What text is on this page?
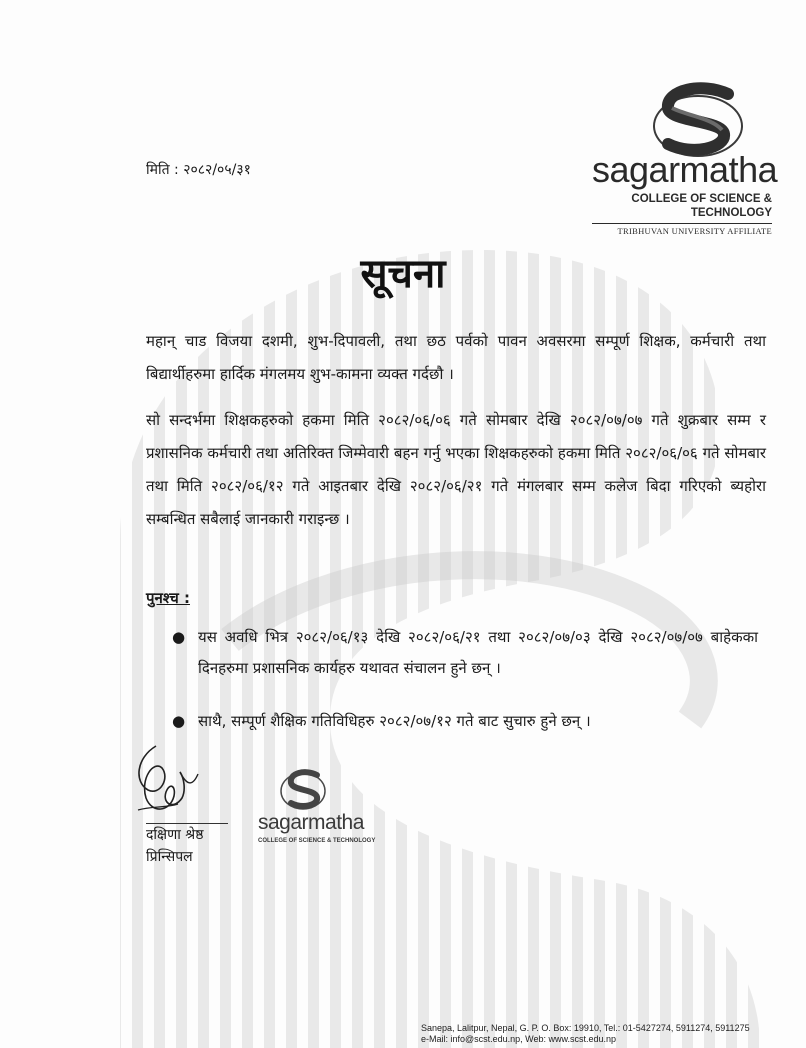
sagarmatha
COLLEGE OF SCIENCE & TECHNOLOGY
TRIBHUVAN UNIVERSITY AFFILIATE
मिति : २०८२/०५/३१
सूचना
महान् चाड विजया दशमी, शुभ-दिपावली, तथा छठ पर्वको पावन अवसरमा सम्पूर्ण शिक्षक, कर्मचारी तथा बिद्यार्थीहरुमा हार्दिक मंगलमय शुभ-कामना व्यक्त गर्दछौ ।
सो सन्दर्भमा शिक्षकहरुको हकमा मिति २०८२/०६/०६ गते सोमबार देखि २०८२/०७/०७ गते शुक्रबार सम्म र प्रशासनिक कर्मचारी तथा अतिरिक्त जिम्मेवारी बहन गर्नु भएका शिक्षकहरुको हकमा मिति २०८२/०६/०६ गते सोमबार तथा मिति २०८२/०६/१२ गते आइतबार देखि २०८२/०६/२१ गते मंगलबार सम्म कलेज बिदा गरिएको ब्यहोरा सम्बन्धित सबैलाई जानकारी गराइन्छ ।
पुनश्च :
● यस अवधि भित्र २०८२/०६/१३ देखि २०८२/०६/२१ तथा २०८२/०७/०३ देखि २०८२/०७/०७ बाहेकका दिनहरुमा प्रशासनिक कार्यहरु यथावत संचालन हुने छन् ।
● साथै, सम्पूर्ण शैक्षिक गतिविधिहरु २०८२/०७/१२ गते बाट सुचारु हुने छन् ।
दक्षिणा श्रेष्ठ
प्रिन्सिपल
sagarmatha
COLLEGE OF SCIENCE & TECHNOLOGY
Sanepa, Lalitpur, Nepal, G. P. O. Box: 19910, Tel.: 01-5427274, 5911274, 5911275
e-Mail: info@scst.edu.np, Web: www.scst.edu.np
